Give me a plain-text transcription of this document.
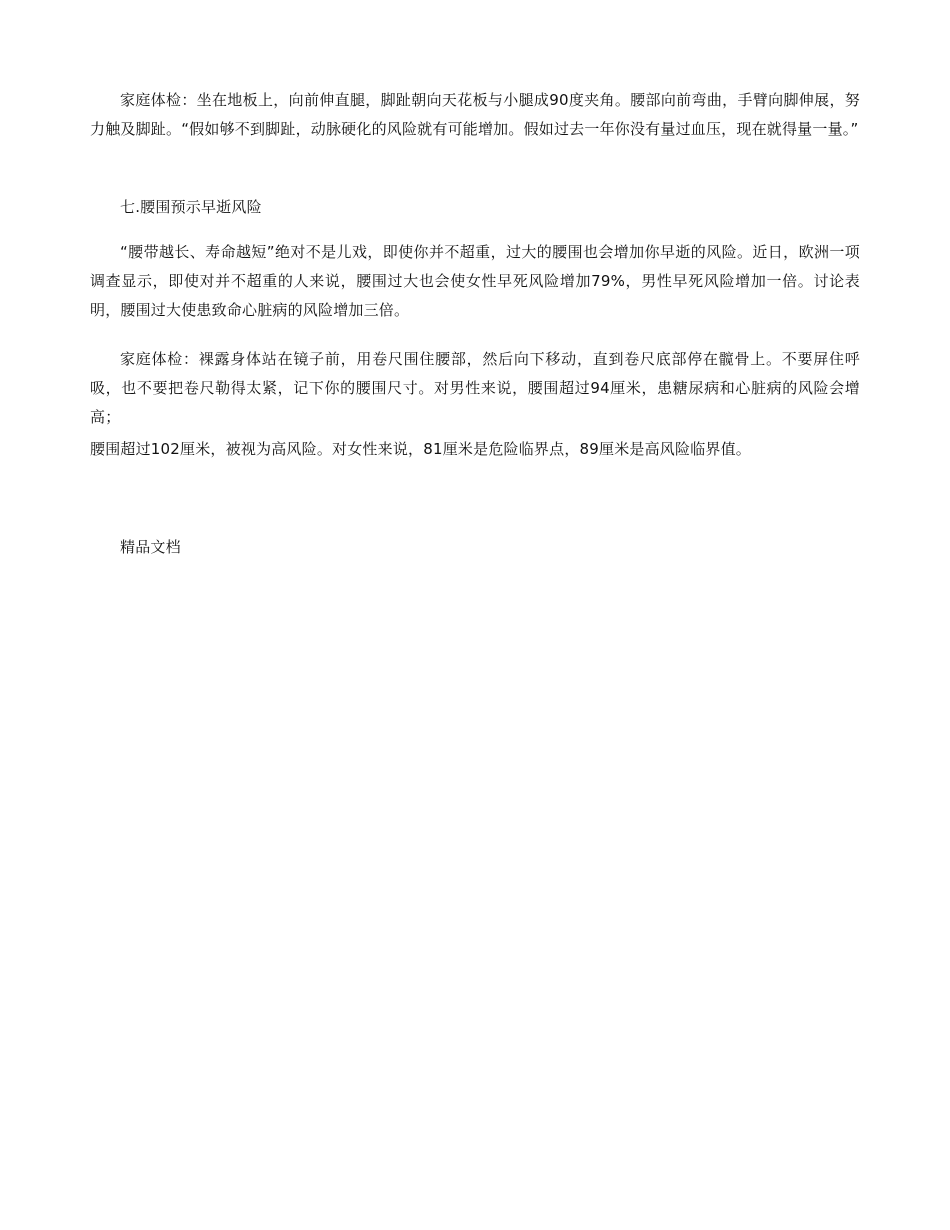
家庭体检：坐在地板上，向前伸直腿，脚趾朝向天花板与小腿成90度夹角。腰部向前弯曲，手臂向脚伸展，努力触及脚趾。“假如够不到脚趾，动脉硬化的风险就有可能增加。假如过去一年你没有量过血压，现在就得量一量。”

七.腰围预示早逝风险

“腰带越长、寿命越短”绝对不是儿戏，即使你并不超重，过大的腰围也会增加你早逝的风险。近日，欧洲一项调查显示，即使对并不超重的人来说，腰围过大也会使女性早死风险增加79%，男性早死风险增加一倍。讨论表明，腰围过大使患致命心脏病的风险增加三倍。

家庭体检：裸露身体站在镜子前，用卷尺围住腰部，然后向下移动，直到卷尺底部停在髋骨上。不要屏住呼吸，也不要把卷尺勒得太紧，记下你的腰围尺寸。对男性来说，腰围超过94厘米，患糖尿病和心脏病的风险会增高；

腰围超过102厘米，被视为高风险。对女性来说，81厘米是危险临界点，89厘米是高风险临界值。

精品文档
